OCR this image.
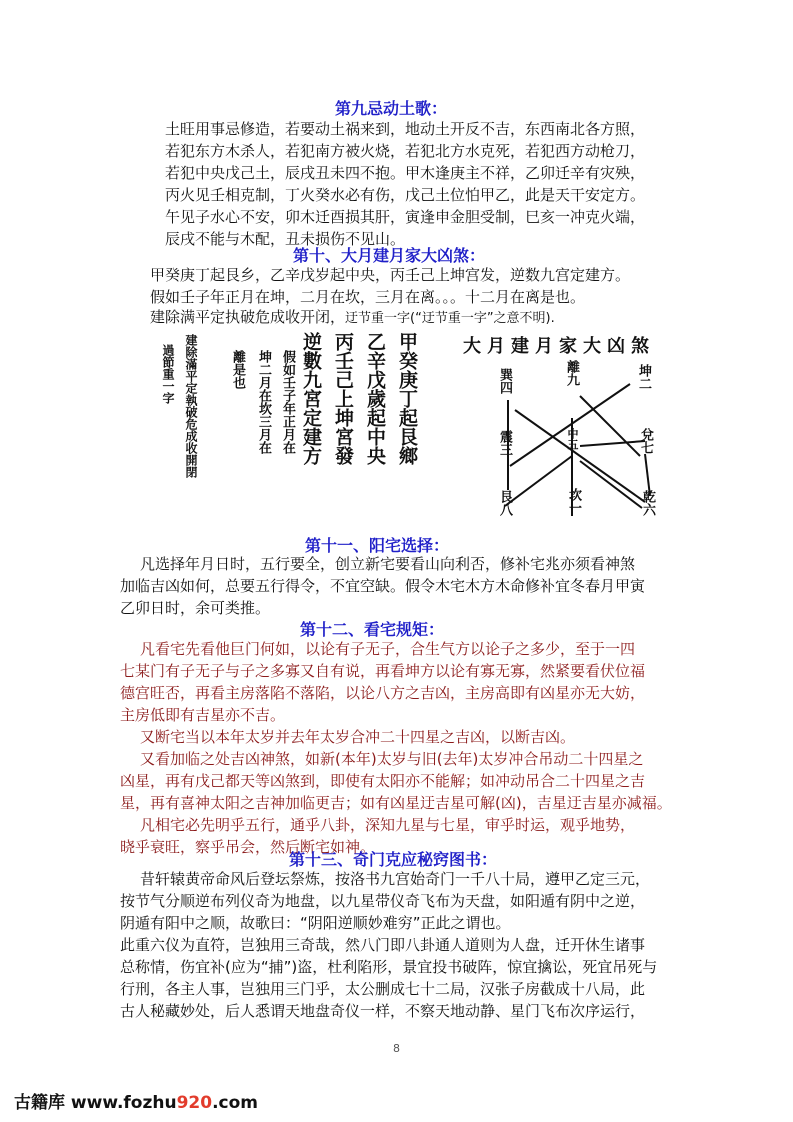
第九忌动土歌：
土旺用事忌修造，若要动土祸来到，地动土开反不吉，东西南北各方照，
若犯东方木杀人，若犯南方被火烧，若犯北方水克死，若犯西方动枪刀，
若犯中央戊己土，辰戌丑未四不抱。甲木逢庚主不祥，乙卯迁辛有灾殃，
丙火见壬相克制，丁火癸水必有伤，戊己土位怕甲乙，此是天干安定方。
午见子水心不安，卯木迁酉损其肝，寅逢申金胆受制，巳亥一冲克火端，
辰戌不能与木配，丑未损伤不见山。
第十、大月建月家大凶煞：
甲癸庚丁起艮乡，乙辛戊岁起中央，丙壬己上坤宫发，逆数九宫定建方。
假如壬子年正月在坤，二月在坎，三月在离。。。十二月在离是也。
建除满平定执破危成收开闭，迂节重一字(“迂节重一字”之意不明).
甲癸庚丁起艮鄉
乙辛戊歲起中央
丙壬己上坤宮發
逆數九宮定建方
假如壬子年正月在
坤二月在坎三月在
離是也
建除滿平定執破危成收開閉
過節重一字	大月建月家大凶煞
巽四	離九	坤二
震三	中五	兌七
艮八	坎一	乾六
第十一、阳宅选择：
凡选择年月日时，五行要全，创立新宅要看山向利否，修补宅兆亦须看神煞
加临吉凶如何，总要五行得令，不宜空缺。假令木宅木方木命修补宜冬春月甲寅
乙卯日时，余可类推。
第十二、看宅规矩：
凡看宅先看他巨门何如，以论有子无子，合生气方以论子之多少，至于一四
七某门有子无子与子之多寡又自有说，再看坤方以论有寡无寡，然紧要看伏位福
德宫旺否，再看主房落陷不落陷，以论八方之吉凶，主房高即有凶星亦无大妨，
主房低即有吉星亦不吉。
又断宅当以本年太岁并去年太岁合冲二十四星之吉凶，以断吉凶。
又看加临之处吉凶神煞，如新(本年)太岁与旧(去年)太岁冲合吊动二十四星之
凶星，再有戊己都天等凶煞到，即使有太阳亦不能解；如冲动吊合二十四星之吉
星，再有喜神太阳之吉神加临更吉；如有凶星迂吉星可解(凶)，吉星迂吉星亦减福。
凡相宅必先明乎五行，通乎八卦，深知九星与七星，审乎时运，观乎地势，
晓乎衰旺，察乎吊会，然后断宅如神。
第十三、奇门克应秘窍图书：
昔轩辕黄帝命风后登坛祭炼，按洛书九宫始奇门一千八十局，遵甲乙定三元，
按节气分顺逆布列仪奇为地盘，以九星带仪奇飞布为天盘，如阳遁有阴中之逆，
阴遁有阳中之顺，故歌曰：“阴阳逆顺妙难穷”正此之谓也。
此重六仪为直符，岂独用三奇哉，然八门即八卦通人道则为人盘，迁开休生诸事
总称情，伤宜补(应为“捕”)盗，杜利陷形，景宜投书破阵，惊宜擒讼，死宜吊死与
行刑，各主人事，岂独用三门乎，太公删成七十二局，汉张子房截成十八局，此
古人秘藏妙处，后人悉谓天地盘奇仪一样，不察天地动静、星门飞布次序运行，
8
古籍库 www.fozhu920.com
